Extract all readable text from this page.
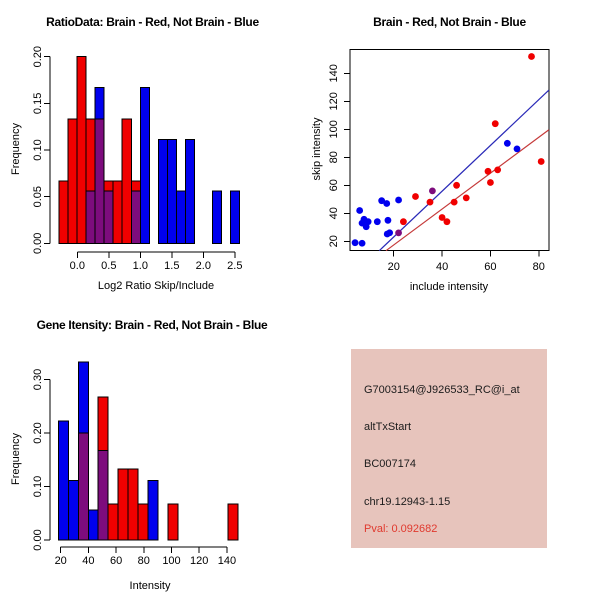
0.00
0.05
0.10
0.15
0.20
0.0 0.5 1.0 1.5 2.0 2.5
20
40
60
80
100
120
140
20	40	60	80
0.00
0.10
0.20
0.30
20 40 60 80 100 120 140
RatioData: Brain - Red, Not Brain - Blue	Brain - Red, Not Brain - Blue
Gene Itensity: Brain - Red, Not Brain - Blue
Log2 Ratio Skip/Include	include intensity
Intensity
Frequency	skip intensity
Frequency
G7003154@J926533_RC@i_at
altTxStart
BC007174
chr19.12943-1.15
Pval: 0.092682
